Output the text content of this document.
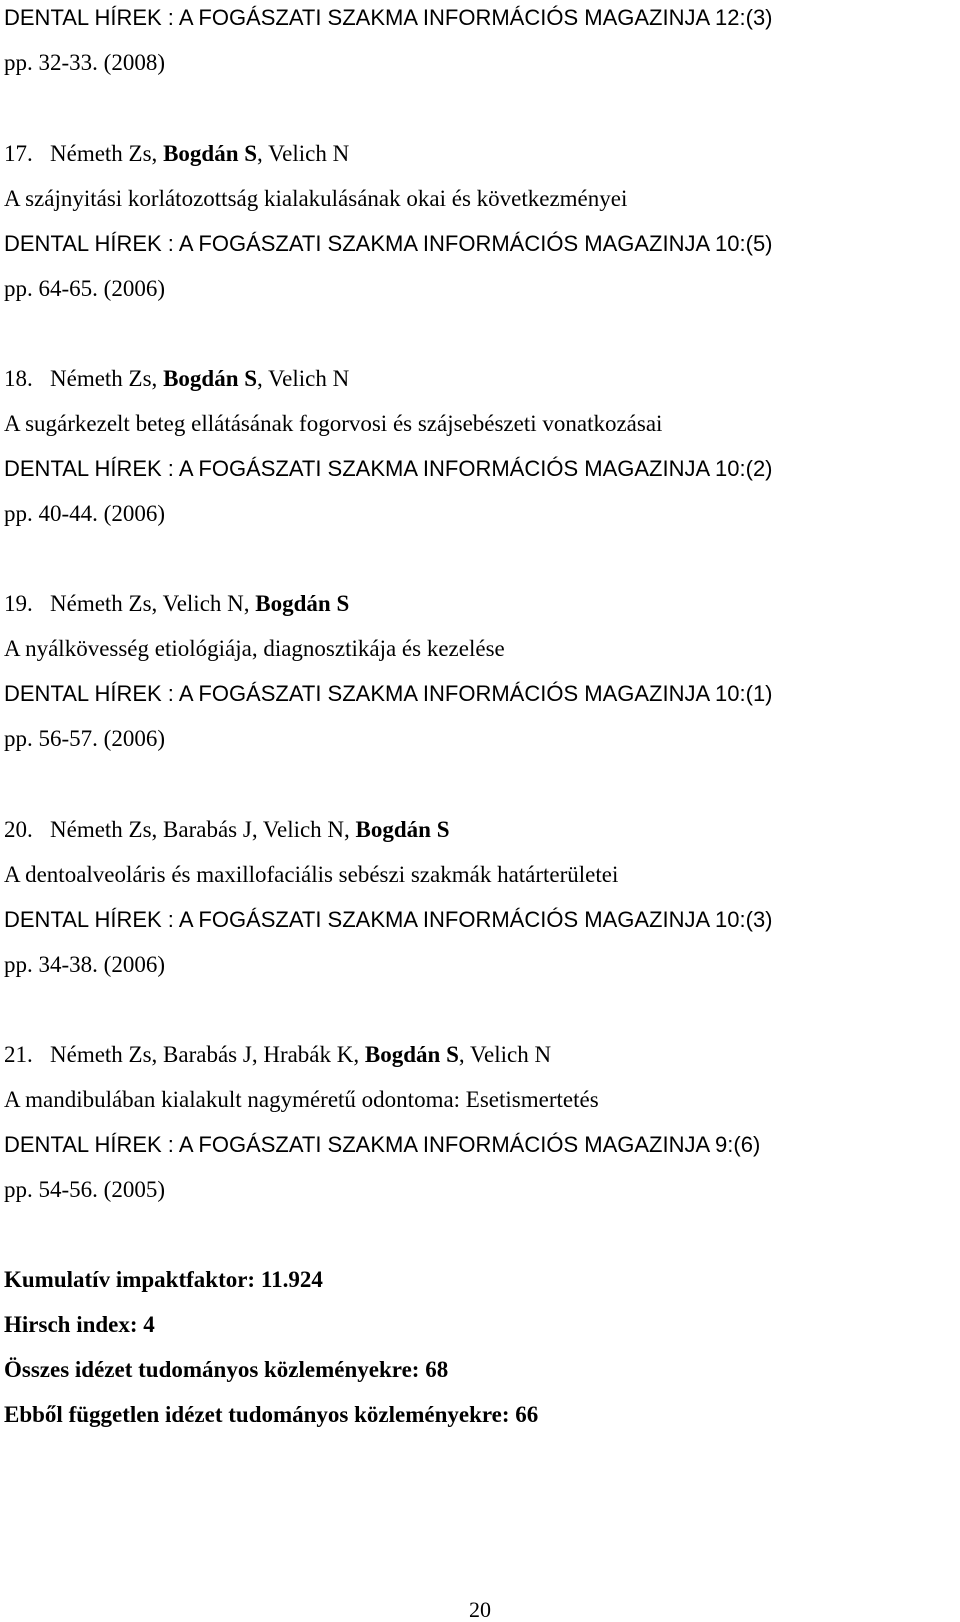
DENTAL HÍREK : A FOGÁSZATI SZAKMA INFORMÁCIÓS MAGAZINJA 12:(3)
pp. 32-33. (2008)
17. Németh Zs, Bogdán S, Velich N
A szájnyitási korlátozottság kialakulásának okai és következményei
DENTAL HÍREK : A FOGÁSZATI SZAKMA INFORMÁCIÓS MAGAZINJA 10:(5)
pp. 64-65. (2006)
18. Németh Zs, Bogdán S, Velich N
A sugárkezelt beteg ellátásának fogorvosi és szájsebészeti vonatkozásai
DENTAL HÍREK : A FOGÁSZATI SZAKMA INFORMÁCIÓS MAGAZINJA 10:(2)
pp. 40-44. (2006)
19. Németh Zs, Velich N, Bogdán S
A nyálkövesség etiológiája, diagnosztikája és kezelése
DENTAL HÍREK : A FOGÁSZATI SZAKMA INFORMÁCIÓS MAGAZINJA 10:(1)
pp. 56-57. (2006)
20. Németh Zs, Barabás J, Velich N, Bogdán S
A dentoalveoláris és maxillofaciális sebészi szakmák határterületei
DENTAL HÍREK : A FOGÁSZATI SZAKMA INFORMÁCIÓS MAGAZINJA 10:(3)
pp. 34-38. (2006)
21. Németh Zs, Barabás J, Hrabák K, Bogdán S, Velich N
A mandibulában kialakult nagyméretű odontoma: Esetismertetés
DENTAL HÍREK : A FOGÁSZATI SZAKMA INFORMÁCIÓS MAGAZINJA 9:(6)
pp. 54-56. (2005)
Kumulatív impaktfaktor: 11.924
Hirsch index: 4
Összes idézet tudományos közleményekre: 68
Ebből független idézet tudományos közleményekre: 66
20
